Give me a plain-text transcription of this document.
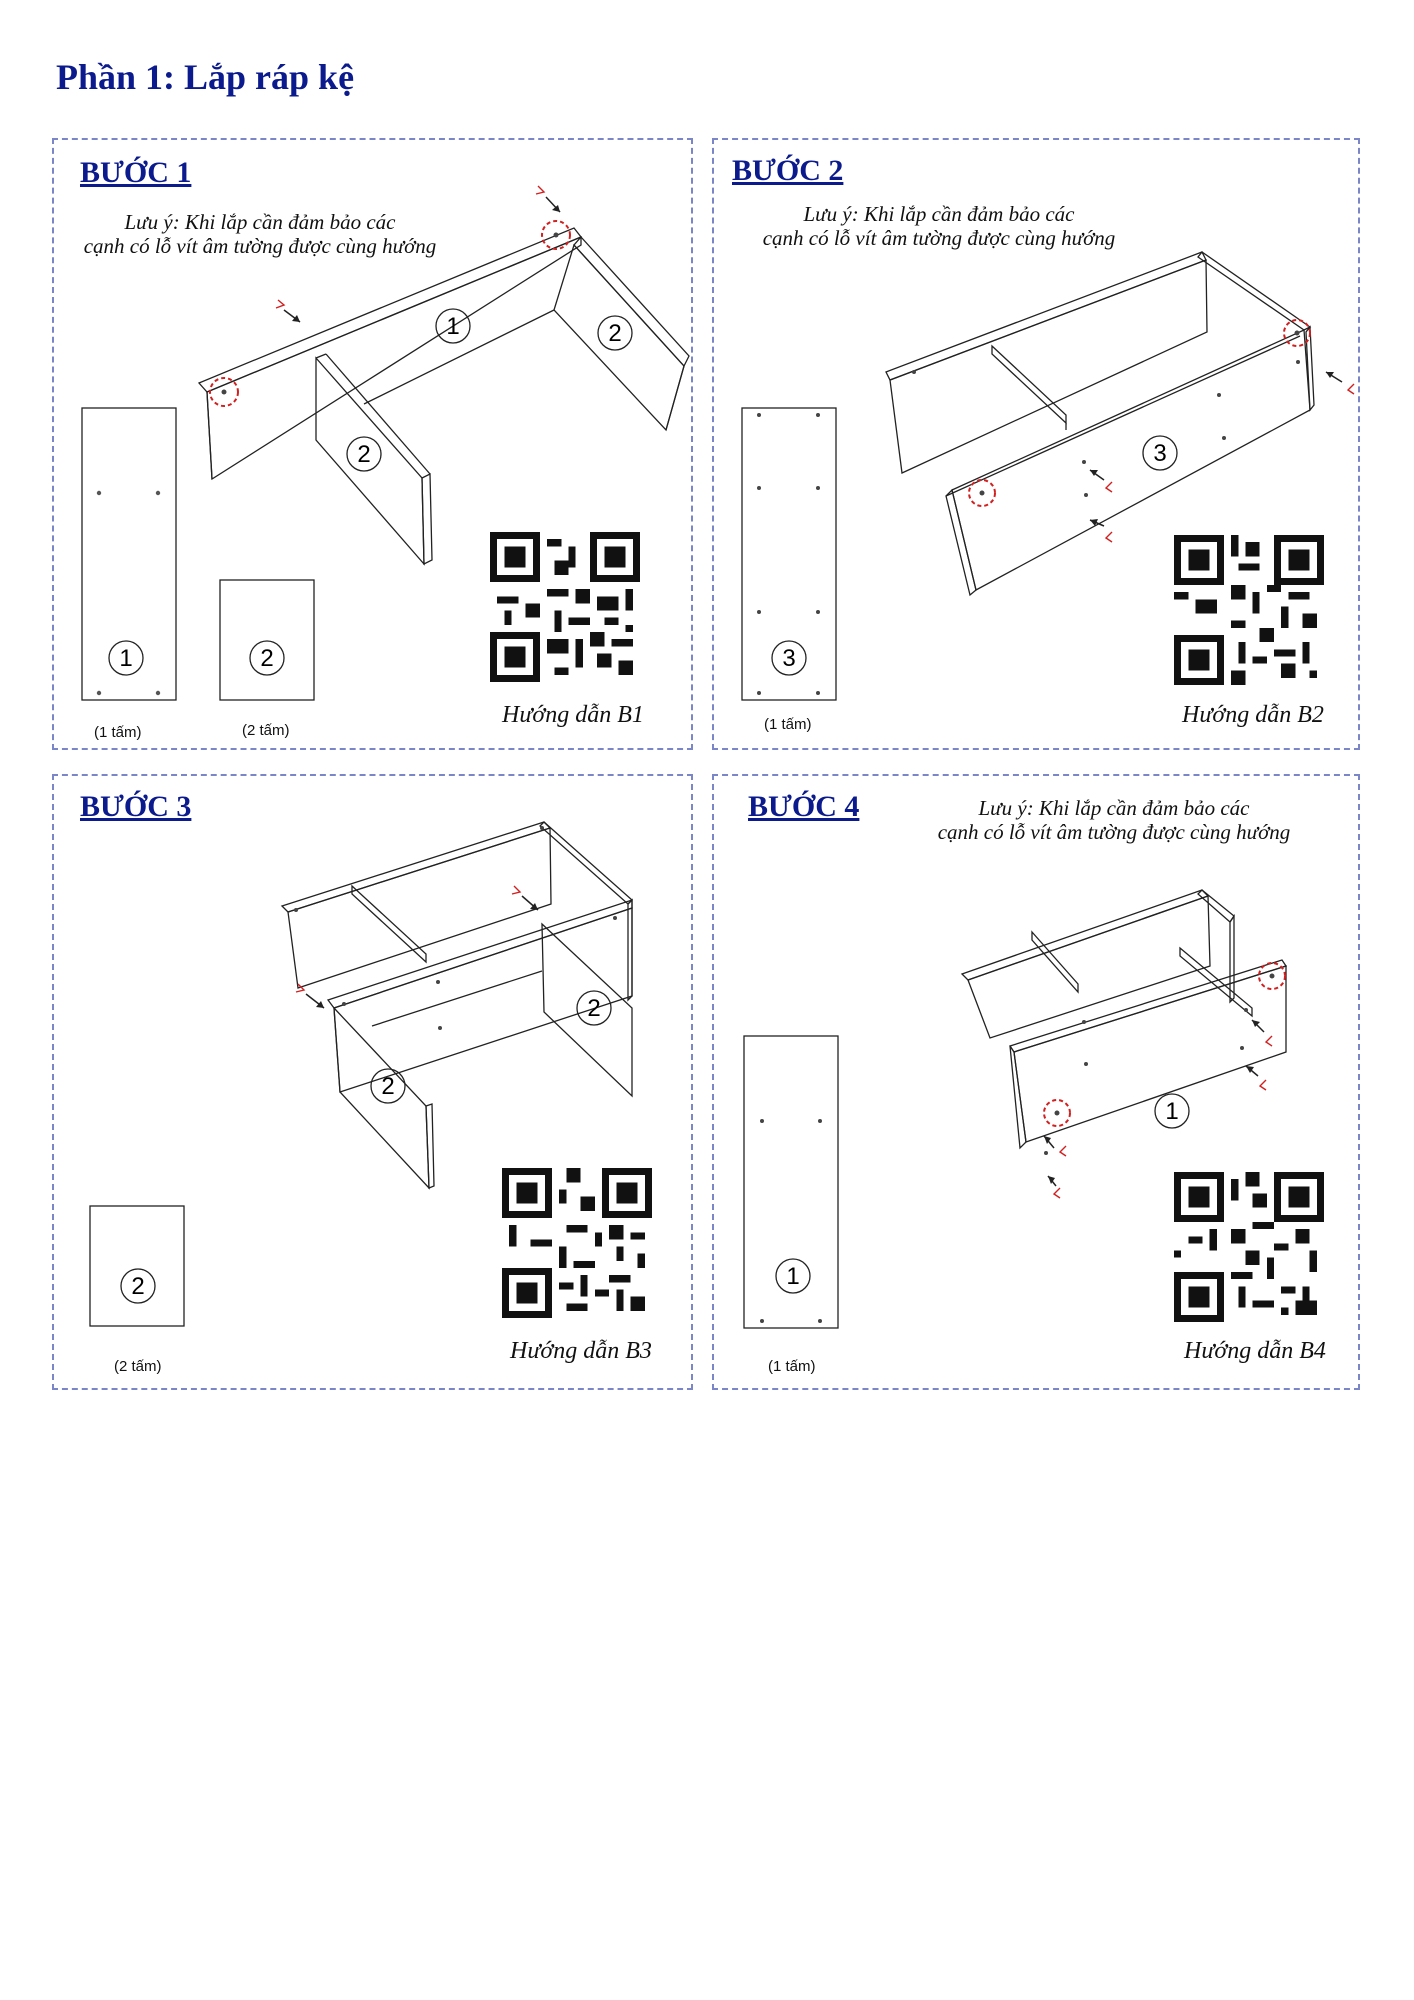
Phần 1: Lắp ráp kệ
BƯỚC 1
Lưu ý: Khi lắp cần đảm bảo các
cạnh có lỗ vít âm tường được cùng hướng
1	2
2
1	2
(1 tấm)	(2 tấm)
Hướng dẫn B1
BƯỚC 2
Lưu ý: Khi lắp cần đảm bảo các
cạnh có lỗ vít âm tường được cùng hướng
3
3
(1 tấm)	Hướng dẫn B2
BƯỚC 3
2
2
2
(2 tấm)
Hướng dẫn B3
BƯỚC 4	Lưu ý: Khi lắp cần đảm bảo các
cạnh có lỗ vít âm tường được cùng hướng
1
1
(1 tấm)
Hướng dẫn B4
